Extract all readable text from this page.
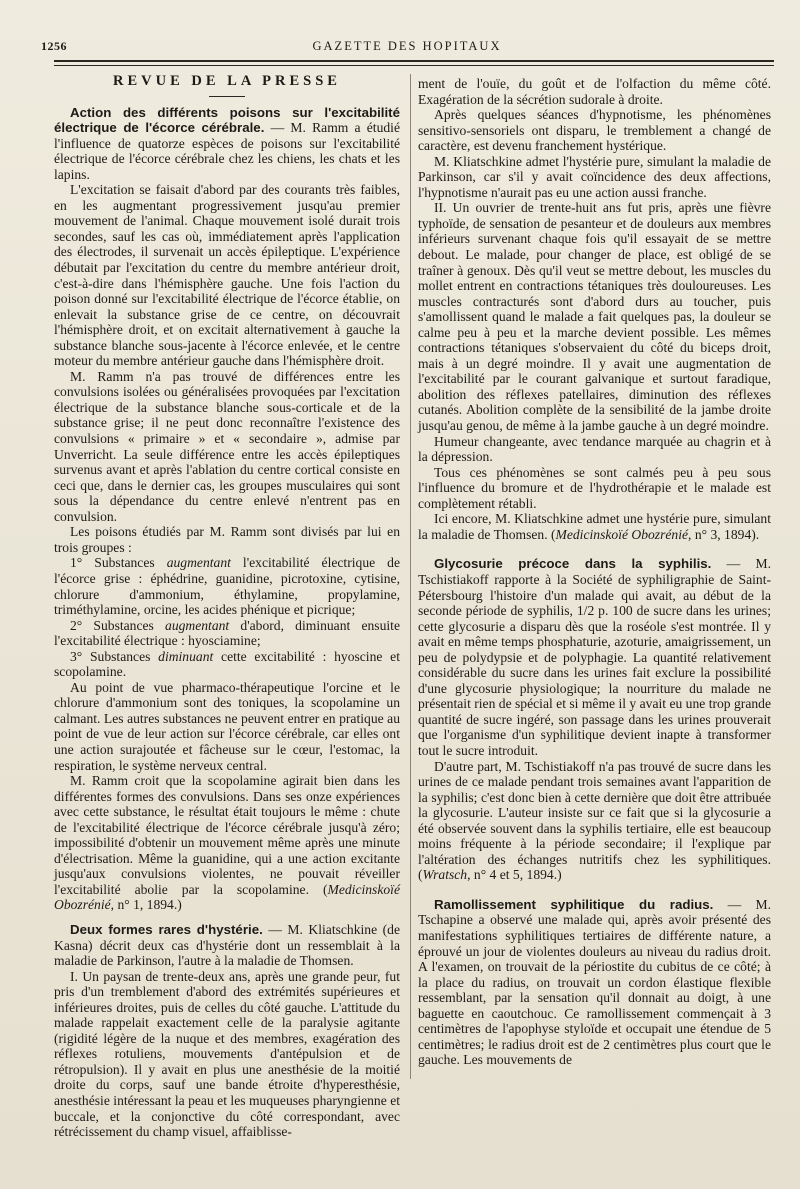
1256	GAZETTE DES HOPITAUX
REVUE DE LA PRESSE

Action des différents poisons sur l'excitabilité électrique de l'écorce cérébrale. — M. Ramm a étudié l'influence de quatorze espèces de poisons sur l'excitabilité électrique de l'écorce cérébrale chez les chiens, les chats et les lapins.

L'excitation se faisait d'abord par des courants très faibles, en les augmentant progressivement jusqu'au premier mouvement de l'animal. Chaque mouvement isolé durait trois secondes, sauf les cas où, immédiatement après l'application des électrodes, il survenait un accès épileptique. L'expérience débutait par l'excitation du centre du membre antérieur droit, c'est-à-dire dans l'hémisphère gauche. Une fois l'action du poison donné sur l'excitabilité électrique de l'écorce établie, on enlevait la substance grise de ce centre, on découvrait l'hémisphère droit, et on excitait alternativement à gauche la substance blanche sous-jacente à l'écorce enlevée, et le centre moteur du membre antérieur gauche dans l'hémisphère droit.

M. Ramm n'a pas trouvé de différences entre les convulsions isolées ou généralisées provoquées par l'excitation électrique de la substance blanche sous-corticale et de la substance grise; il ne peut donc reconnaître l'existence des convulsions « primaire » et « secondaire », admise par Unverricht. La seule différence entre les accès épileptiques survenus avant et après l'ablation du centre cortical consiste en ceci que, dans le dernier cas, les groupes musculaires qui sont sous la dépendance du centre enlevé n'entrent pas en convulsion.

Les poisons étudiés par M. Ramm sont divisés par lui en trois groupes :

1° Substances augmentant l'excitabilité électrique de l'écorce grise : éphédrine, guanidine, picrotoxine, cytisine, chlorure d'ammonium, éthylamine, propylamine, triméthylamine, orcine, les acides phénique et picrique;

2° Substances augmentant d'abord, diminuant ensuite l'excitabilité électrique : hyosciamine;

3° Substances diminuant cette excitabilité : hyoscine et scopolamine.

Au point de vue pharmaco-thérapeutique l'orcine et le chlorure d'ammonium sont des toniques, la scopolamine un calmant. Les autres substances ne peuvent entrer en pratique au point de vue de leur action sur l'écorce cérébrale, car elles ont une action surajoutée et fâcheuse sur le cœur, l'estomac, la respiration, le système nerveux central.

M. Ramm croit que la scopolamine agirait bien dans les différentes formes des convulsions. Dans ses onze expériences avec cette substance, le résultat était toujours le même : chute de l'excitabilité électrique de l'écorce cérébrale jusqu'à zéro; impossibilité d'obtenir un mouvement même après une minute d'électrisation. Même la guanidine, qui a une action excitante jusqu'aux convulsions violentes, ne pouvait réveiller l'excitabilité abolie par la scopolamine. (Medicinskoïé Obozrénié, n° 1, 1894.)

Deux formes rares d'hystérie. — M. Kliatschkine (de Kasna) décrit deux cas d'hystérie dont un ressemblait à la maladie de Parkinson, l'autre à la maladie de Thomsen.

I. Un paysan de trente-deux ans, après une grande peur, fut pris d'un tremblement d'abord des extrémités supérieures et inférieures droites, puis de celles du côté gauche. L'attitude du malade rappelait exactement celle de la paralysie agitante (rigidité légère de la nuque et des membres, exagération des réflexes rotuliens, mouvements d'antépulsion et de rétropulsion). Il y avait en plus une anesthésie de la moitié droite du corps, sauf une bande étroite d'hyperesthésie, anesthésie intéressant la peau et les muqueuses pharyngienne et buccale, et la conjonctive du côté correspondant, avec rétrécissement du champ visuel, affaiblisse-

ment de l'ouïe, du goût et de l'olfaction du même côté. Exagération de la sécrétion sudorale à droite.

Après quelques séances d'hypnotisme, les phénomènes sensitivo-sensoriels ont disparu, le tremblement a changé de caractère, est devenu franchement hystérique.

M. Kliatschkine admet l'hystérie pure, simulant la maladie de Parkinson, car s'il y avait coïncidence des deux affections, l'hypnotisme n'aurait pas eu une action aussi franche.

II. Un ouvrier de trente-huit ans fut pris, après une fièvre typhoïde, de sensation de pesanteur et de douleurs aux membres inférieurs survenant chaque fois qu'il essayait de se mettre debout. Le malade, pour changer de place, est obligé de se traîner à genoux. Dès qu'il veut se mettre debout, les muscles du mollet entrent en contractions tétaniques très douloureuses. Les muscles contracturés sont d'abord durs au toucher, puis s'amollissent quand le malade a fait quelques pas, la douleur se calme peu à peu et la marche devient possible. Les mêmes contractions tétaniques s'observaient du côté du biceps droit, mais à un degré moindre. Il y avait une augmentation de l'excitabilité par le courant galvanique et surtout faradique, abolition des réflexes patellaires, diminution des réflexes cutanés. Abolition complète de la sensibilité de la jambe droite jusqu'au genou, de même à la jambe gauche à un degré moindre.

Humeur changeante, avec tendance marquée au chagrin et à la dépression.

Tous ces phénomènes se sont calmés peu à peu sous l'influence du bromure et de l'hydrothérapie et le malade est complètement rétabli.

Ici encore, M. Kliatschkine admet une hystérie pure, simulant la maladie de Thomsen. (Medicinskoïé Obozrénié, n° 3, 1894).

Glycosurie précoce dans la syphilis. — M. Tschistiakoff rapporte à la Société de syphiligraphie de Saint-Pétersbourg l'histoire d'un malade qui avait, au début de la seconde période de syphilis, 1/2 p. 100 de sucre dans les urines; cette glycosurie a disparu dès que la roséole s'est montrée. Il y avait en même temps phosphaturie, azoturie, amaigrissement, un peu de polydypsie et de polyphagie. La quantité relativement considérable du sucre dans les urines fait exclure la possibilité d'une glycosurie physiologique; la nourriture du malade ne présentait rien de spécial et si même il y avait eu une trop grande quantité de sucre ingéré, son passage dans les urines prouverait que l'organisme d'un syphilitique devient inapte à transformer tout le sucre introduit.

D'autre part, M. Tschistiakoff n'a pas trouvé de sucre dans les urines de ce malade pendant trois semaines avant l'apparition de la syphilis; c'est donc bien à cette dernière que doit être attribuée la glycosurie. L'auteur insiste sur ce fait que si la glycosurie a été observée souvent dans la syphilis tertiaire, elle est beaucoup moins fréquente à la période secondaire; il l'explique par l'altération des échanges nutritifs chez les syphilitiques. (Wratsch, n° 4 et 5, 1894.)

Ramollissement syphilitique du radius. — M. Tschapine a observé une malade qui, après avoir présenté des manifestations syphilitiques tertiaires de différente nature, a éprouvé un jour de violentes douleurs au niveau du radius droit. A l'examen, on trouvait de la périostite du cubitus de ce côté; à la place du radius, on trouvait un cordon élastique flexible ressemblant, par la sensation qu'il donnait au doigt, à une baguette en caoutchouc. Ce ramollissement commençait à 3 centimètres de l'apophyse styloïde et occupait une étendue de 5 centimètres; le radius droit est de 2 centimètres plus court que le gauche. Les mouvements de
